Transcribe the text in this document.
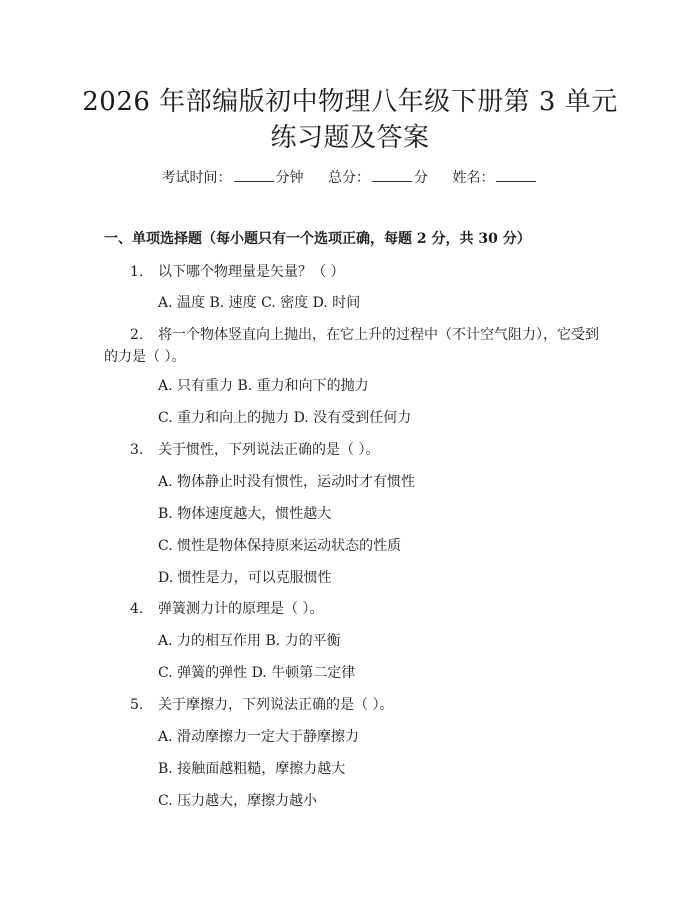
2026 年部编版初中物理八年级下册第 3 单元
练习题及答案
考试时间：	分钟 总分：	分 姓名：
一、单项选择题（每小题只有一个选项正确，每题 2 分，共 30 分）
1. 以下哪个物理量是矢量？（ ）
A. 温度 B. 速度 C. 密度 D. 时间
2. 将一个物体竖直向上抛出，在它上升的过程中（不计空气阻力），它受到
的力是（ ）。
A. 只有重力 B. 重力和向下的抛力
C. 重力和向上的抛力 D. 没有受到任何力
3. 关于惯性，下列说法正确的是（ ）。
A. 物体静止时没有惯性，运动时才有惯性
B. 物体速度越大，惯性越大
C. 惯性是物体保持原来运动状态的性质
D. 惯性是力，可以克服惯性
4. 弹簧测力计的原理是（ ）。
A. 力的相互作用 B. 力的平衡
C. 弹簧的弹性 D. 牛顿第二定律
5. 关于摩擦力，下列说法正确的是（ ）。
A. 滑动摩擦力一定大于静摩擦力
B. 接触面越粗糙，摩擦力越大
C. 压力越大，摩擦力越小
